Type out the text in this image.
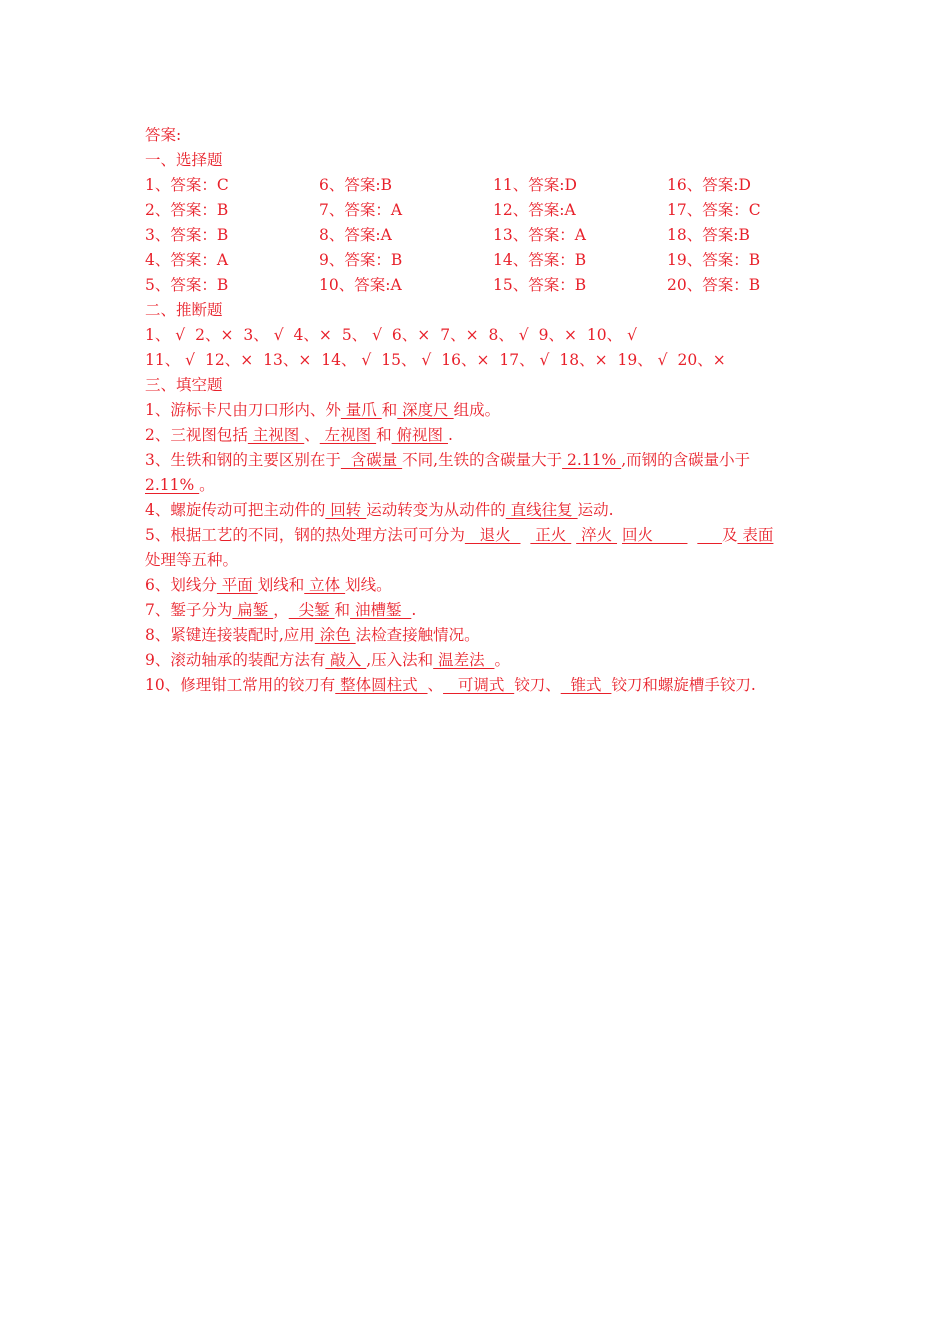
答案:
一、选择题
1、答案：C	6、答案:B	11、答案:D	16、答案:D
2、答案：B	7、答案：A	12、答案:A	17、答案：C
3、答案：B	8、答案:A	13、答案：A	18、答案:B
4、答案：A	9、答案：B	14、答案：B	19、答案：B
5、答案：B	10、答案:A	15、答案：B	20、答案：B
二、推断题
1、 √ 2、× 3、 √ 4、× 5、 √ 6、× 7、× 8、 √ 9、× 10、 √
11、 √ 12、× 13、× 14、 √ 15、 √ 16、× 17、 √ 18、× 19、 √ 20、×
三、填空题
1、游标卡尺由刀口形内、外 量爪 和 深度尺 组成。
2、三视图包括 主视图 、 左视图 和 俯视图 .
3、生铁和钢的主要区别在于  含碳量 不同,生铁的含碳量大于 2.11% ,而钢的含碳量小于
2.11% 。
4、螺旋传动可把主动件的 回转 运动转变为从动件的 直线往复 运动.
5、根据工艺的不同，钢的热处理方法可可分为   退火     正火   淬火  回火              及 表面
处理等五种。
6、划线分 平面 划线和 立体 划线。
7、錾子分为 扁錾 ，  尖錾 和 油槽錾  .
8、紧键连接装配时,应用 涂色 法检查接触情况。
9、滚动轴承的装配方法有 敲入 ,压入法和 温差法  。
10、修理钳工常用的铰刀有 整体圆柱式  、   可调式  铰刀、  锥式  铰刀和螺旋槽手铰刀.
